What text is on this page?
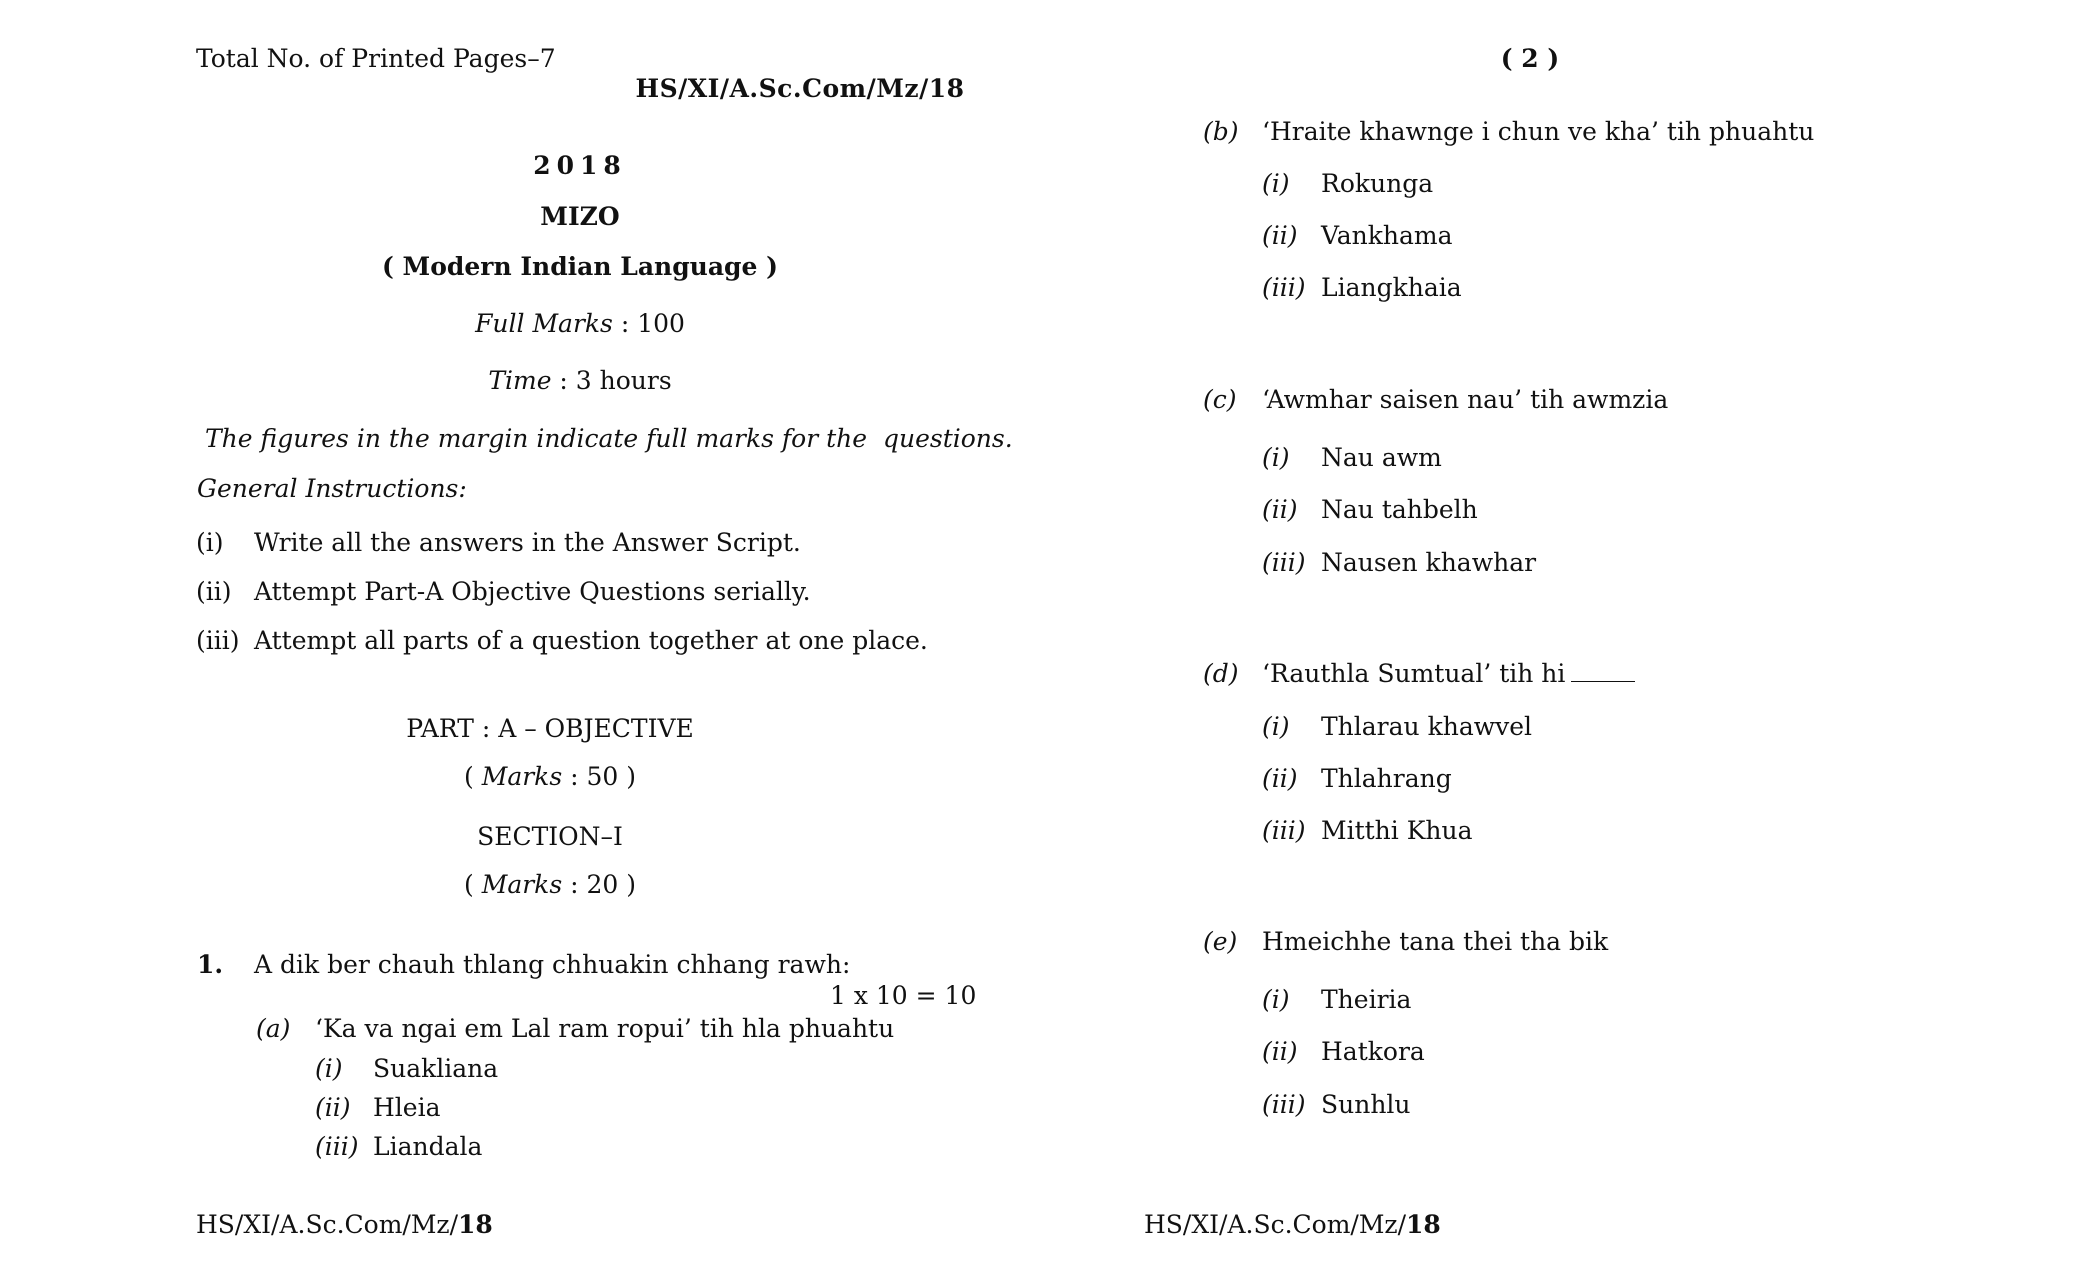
Total No. of Printed Pages–7
HS/XI/A.Sc.Com/Mz/18
2018
MIZO
( Modern Indian Language )
Full Marks : 100
Time : 3 hours
The figures in the margin indicate full marks for the  questions.
General Instructions:
(i) Write all the answers in the Answer Script.
(ii) Attempt Part-A Objective Questions serially.
(iii) Attempt all parts of a question together at one place.
PART : A – OBJECTIVE
( Marks : 50 )
SECTION–I
( Marks : 20 )
1. A dik ber chauh thlang chhuakin chhang rawh:
1 x 10 = 10
(a) ‘Ka va ngai em Lal ram ropui’ tih hla phuahtu
(i) Suakliana
(ii) Hleia
(iii) Liandala
HS/XI/A.Sc.Com/Mz/18
( 2 )
(b) ‘Hraite khawnge i chun ve kha’ tih phuahtu
(i) Rokunga
(ii) Vankhama
(iii) Liangkhaia
(c) ‘Awmhar saisen nau’ tih awmzia
(i) Nau awm
(ii) Nau tahbelh
(iii) Nausen khawhar
(d) ‘Rauthla Sumtual’ tih hi
(i) Thlarau khawvel
(ii) Thlahrang
(iii) Mitthi Khua
(e) Hmeichhe tana thei tha bik
(i) Theiria
(ii) Hatkora
(iii) Sunhlu
HS/XI/A.Sc.Com/Mz/18
